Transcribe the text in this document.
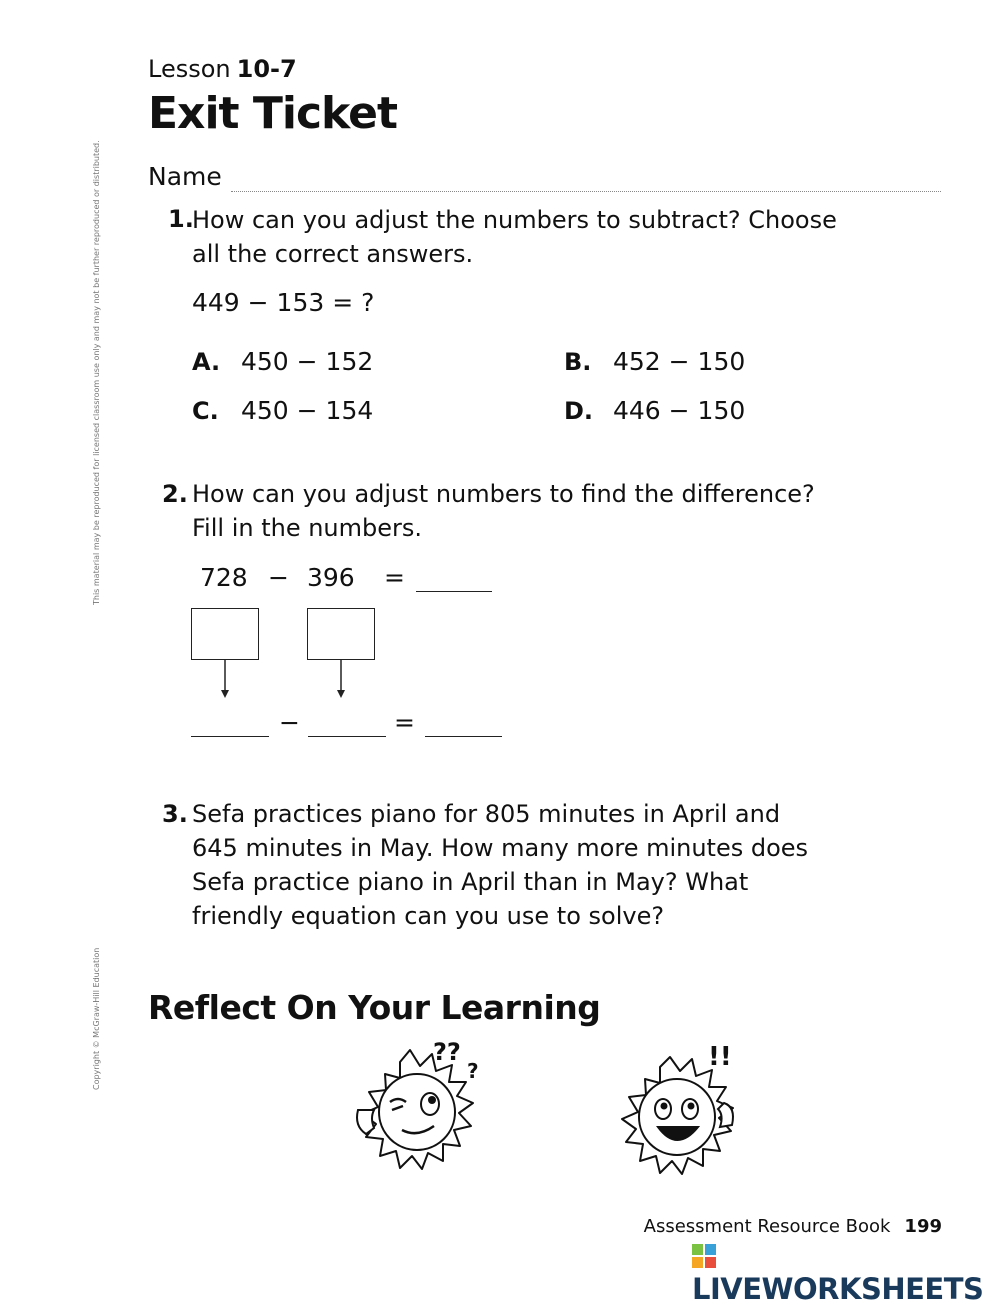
This material may be reproduced for licensed classroom use only and may not be further reproduced or distributed.
Copyright © McGraw-Hill Education
Lesson 10-7
Exit Ticket
Name
1.
How can you adjust the numbers to subtract? Choose
all the correct answers.
449 − 153 = ?
A. 450 − 152	B. 452 − 150
C. 450 − 154	D. 446 − 150
2. How can you adjust numbers to find the difference?
Fill in the numbers.
728 − 396 =
−	=
3. Sefa practices piano for 805 minutes in April and
645 minutes in May. How many more minutes does
Sefa practice piano in April than in May? What
friendly equation can you use to solve?
Reflect On Your Learning
??
?	!!
Assessment Resource Book 199
LIVEWORKSHEETS
